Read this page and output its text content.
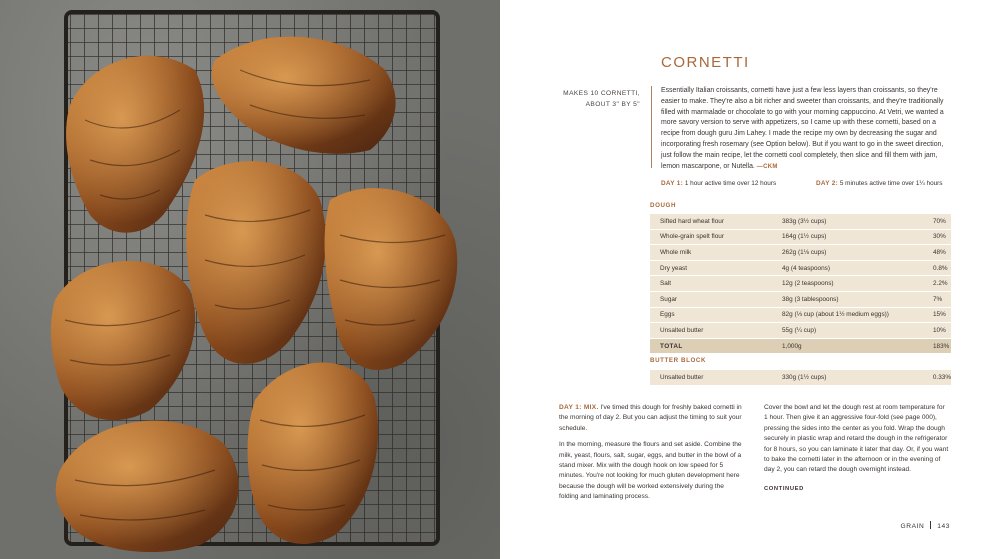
CORNETTI
MAKES 10 CORNETTI,
ABOUT 3" BY 5"

Essentially Italian croissants, cornetti have just a few less layers than croissants, so they're easier to make. They're also a bit richer and sweeter than croissants, and they're traditionally filled with marmalade or chocolate to go with your morning cappuccino. At Vetri, we wanted a more savory version to serve with appetizers, so I came up with these cornetti, based on a recipe from dough guru Jim Lahey. I made the recipe my own by decreasing the sugar and incorporating fresh rosemary (see Option below). But if you want to go in the sweet direction, just follow the main recipe, let the cornetti cool completely, then slice and fill them with jam, lemon mascarpone, or Nutella. —CKM

DAY 1: 1 hour active time over 12 hours	DAY 2: 5 minutes active time over 1¼ hours
DOUGH
Sifted hard wheat flour	383g (3½ cups)	70%
Whole-grain spelt flour	164g (1½ cups)	30%
Whole milk	262g (1⅛ cups)	48%
Dry yeast	4g (4 teaspoons)	0.8%
Salt	12g (2 teaspoons)	2.2%
Sugar	38g (3 tablespoons)	7%
Eggs	82g (⅓ cup (about 1½ medium eggs))	15%
Unsalted butter	55g (¼ cup)	10%
TOTAL	1,000g	183%
BUTTER BLOCK
Unsalted butter	330g (1½ cups)	0.33%

DAY 1: MIX. I've timed this dough for freshly baked cornetti in the morning of day 2. But you can adjust the timing to suit your schedule.

In the morning, measure the flours and set aside. Combine the milk, yeast, flours, salt, sugar, eggs, and butter in the bowl of a stand mixer. Mix with the dough hook on low speed for 5 minutes. You're not looking for much gluten development here because the dough will be worked extensively during the folding and laminating process.

Cover the bowl and let the dough rest at room temperature for 1 hour. Then give it an aggressive four-fold (see page 000), pressing the sides into the center as you fold. Wrap the dough securely in plastic wrap and retard the dough in the refrigerator for 8 hours, so you can laminate it later that day. Or, if you want to bake the cornetti later in the afternoon or in the evening of day 2, you can retard the dough overnight instead.

CONTINUED
GRAIN 143
